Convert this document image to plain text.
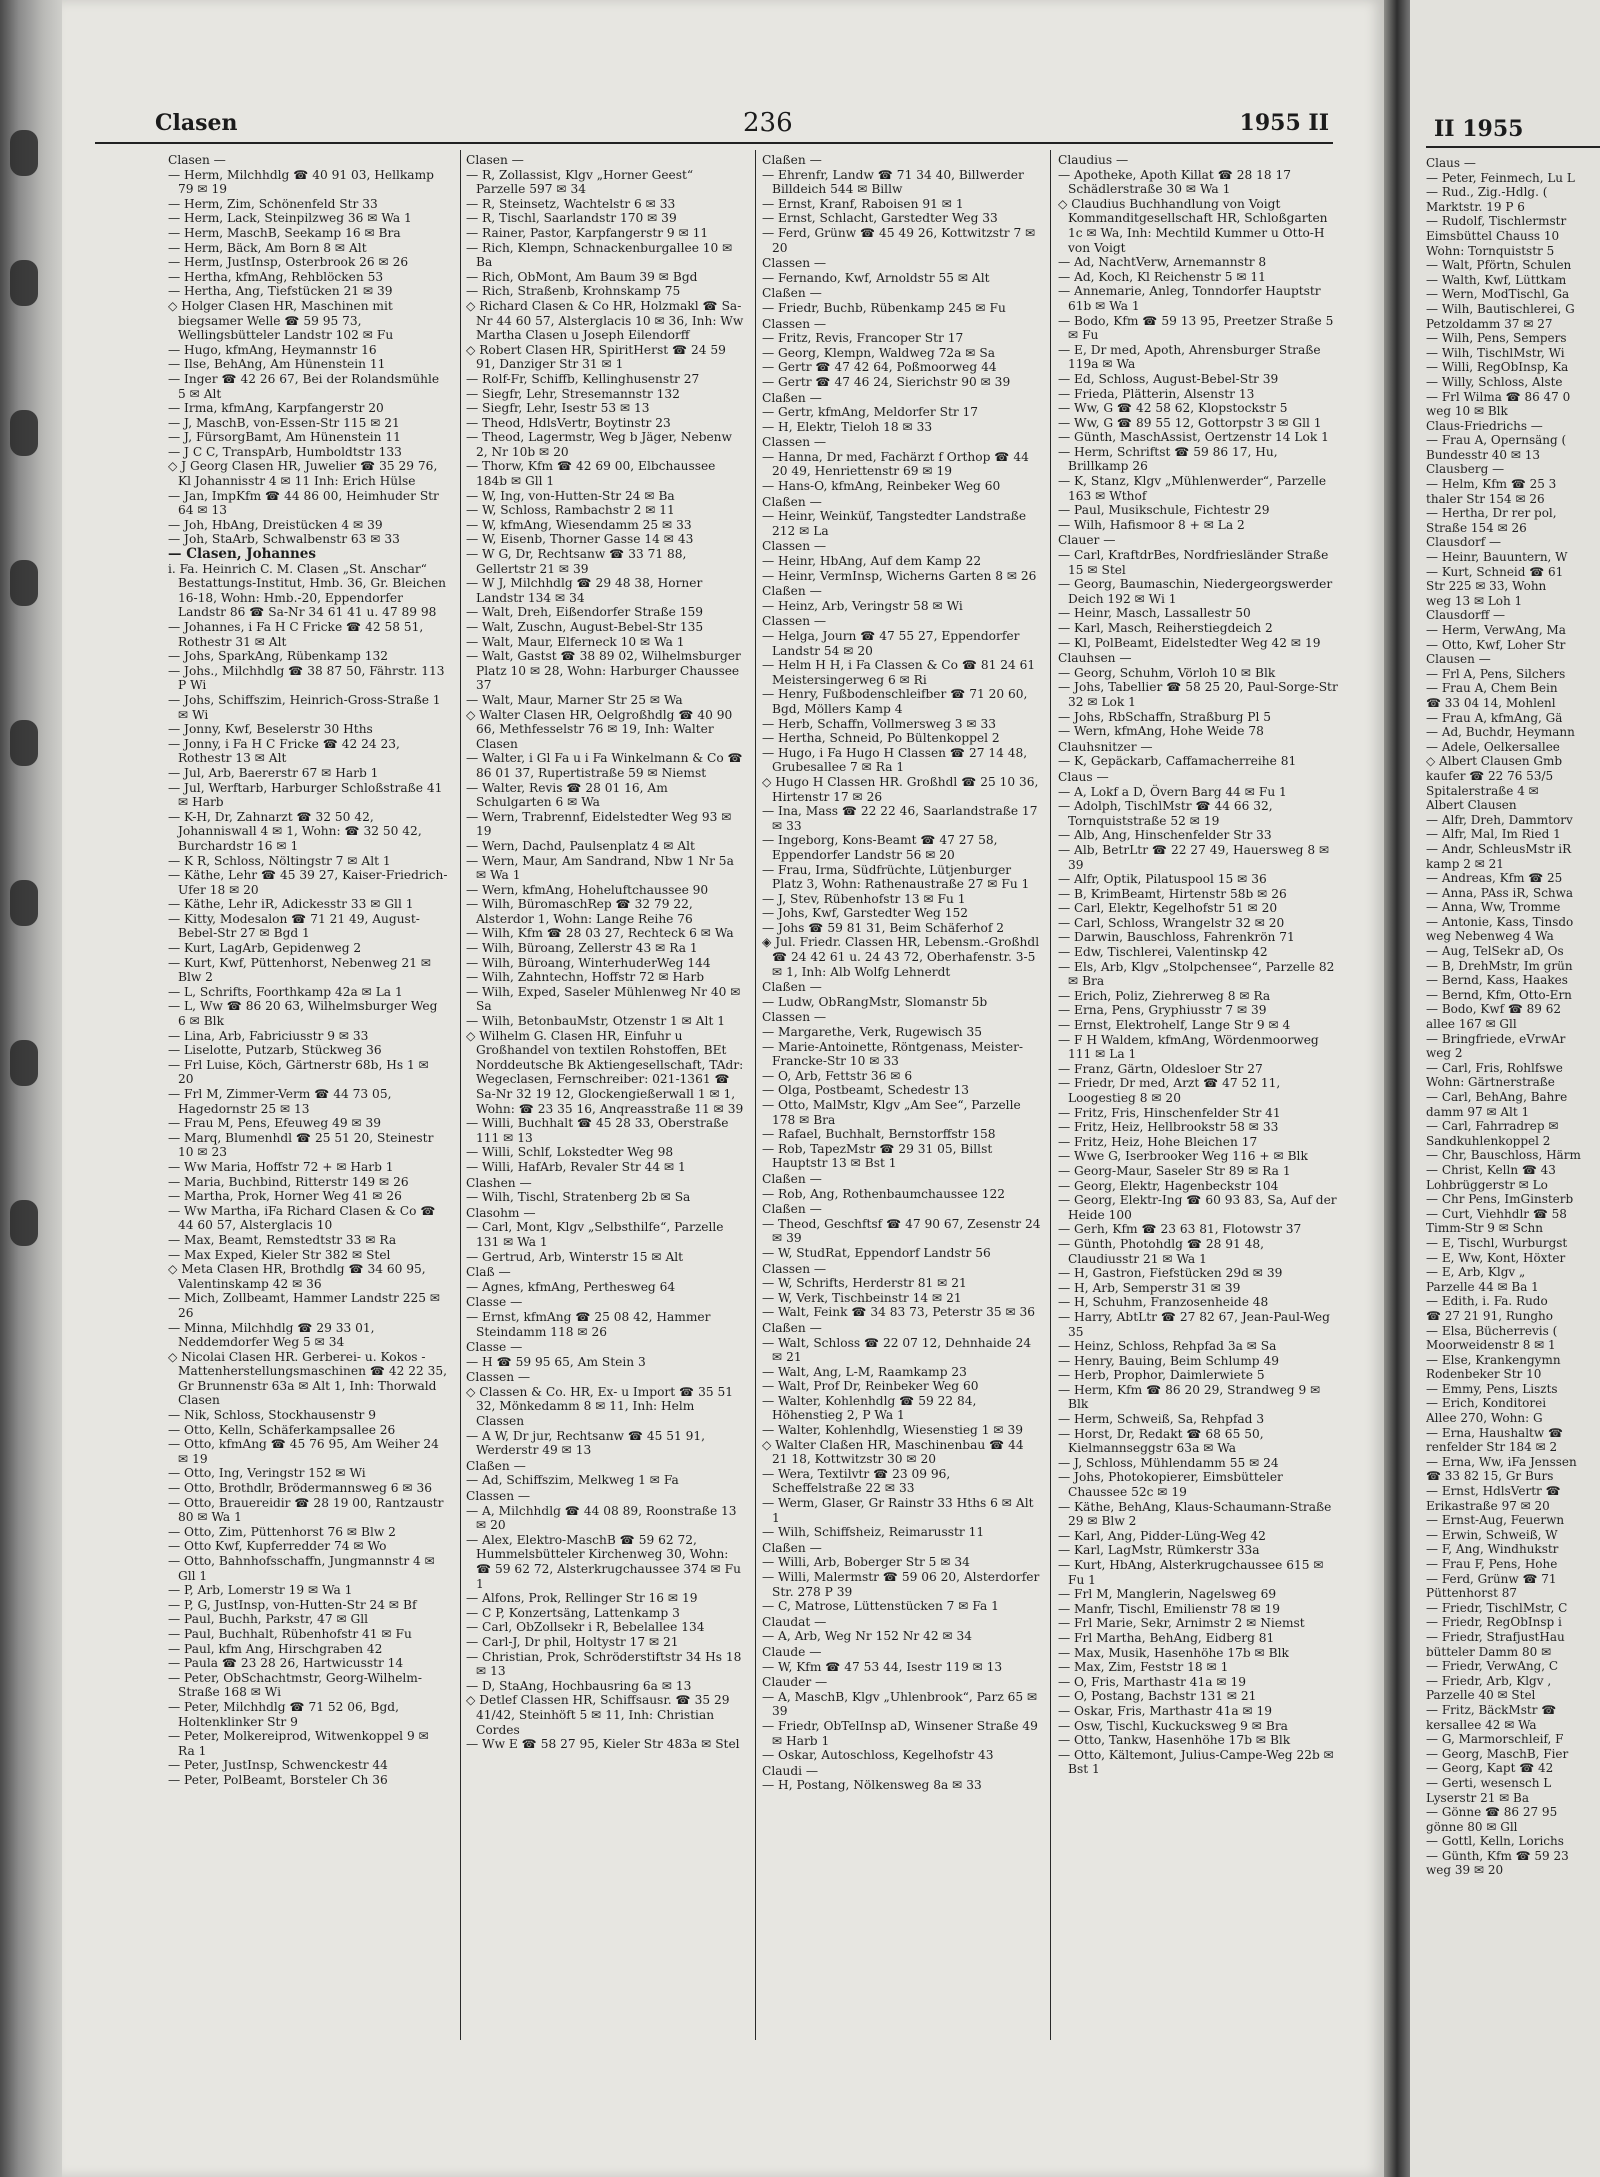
Clasen	236	1955 II
Clasen —
— Herm, Milchhdlg ☎ 40 91 03, Hellkamp 79 ✉ 19
— Herm, Zim, Schönenfeld Str 33
— Herm, Lack, Steinpilzweg 36 ✉ Wa 1
— Herm, MaschB, Seekamp 16 ✉ Bra
— Herm, Bäck, Am Born 8 ✉ Alt
— Herm, JustInsp, Osterbrook 26 ✉ 26
— Hertha, kfmAng, Rehblöcken 53
— Hertha, Ang, Tiefstücken 21 ✉ 39
◇ Holger Clasen HR, Maschinen mit biegsamer Welle ☎ 59 95 73, Wellingsbütteler Landstr 102 ✉ Fu
— Hugo, kfmAng, Heymannstr 16
— Ilse, BehAng, Am Hünenstein 11
— Inger ☎ 42 26 67, Bei der Rolandsmühle 5 ✉ Alt
— Irma, kfmAng, Karpfangerstr 20
— J, MaschB, von-Essen-Str 115 ✉ 21
— J, FürsorgBamt, Am Hünenstein 11
— J C C, TranspArb, Humboldtstr 133
◇ J Georg Clasen HR, Juwelier ☎ 35 29 76, Kl Johannisstr 4 ✉ 11 Inh: Erich Hülse
— Jan, ImpKfm ☎ 44 86 00, Heimhuder Str 64 ✉ 13
— Joh, HbAng, Dreistücken 4 ✉ 39
— Joh, StaArb, Schwalbenstr 63 ✉ 33
— Clasen, Johannes
i. Fa. Heinrich C. M. Clasen „St. Anschar“ Bestattungs-Institut, Hmb. 36, Gr. Bleichen 16-18, Wohn: Hmb.-20, Eppendorfer Landstr 86 ☎ Sa-Nr 34 61 41 u. 47 89 98
— Johannes, i Fa H C Fricke ☎ 42 58 51, Rothestr 31 ✉ Alt
— Johs, SparkAng, Rübenkamp 132
— Johs., Milchhdlg ☎ 38 87 50, Fährstr. 113 P Wi
— Johs, Schiffszim, Heinrich-Gross-Straße 1 ✉ Wi
— Jonny, Kwf, Beselerstr 30 Hths
— Jonny, i Fa H C Fricke ☎ 42 24 23, Rothestr 13 ✉ Alt
— Jul, Arb, Baererstr 67 ✉ Harb 1
— Jul, Werftarb, Harburger Schloßstraße 41 ✉ Harb
— K-H, Dr, Zahnarzt ☎ 32 50 42, Johanniswall 4 ✉ 1, Wohn: ☎ 32 50 42, Burchardstr 16 ✉ 1
— K R, Schloss, Nöltingstr 7 ✉ Alt 1
— Käthe, Lehr ☎ 45 39 27, Kaiser-Friedrich-Ufer 18 ✉ 20
— Käthe, Lehr iR, Adickesstr 33 ✉ Gll 1
— Kitty, Modesalon ☎ 71 21 49, August-Bebel-Str 27 ✉ Bgd 1
— Kurt, LagArb, Gepidenweg 2
— Kurt, Kwf, Püttenhorst, Nebenweg 21 ✉ Blw 2
— L, Schrifts, Foorthkamp 42a ✉ La 1
— L, Ww ☎ 86 20 63, Wilhelmsburger Weg 6 ✉ Blk
— Lina, Arb, Fabriciusstr 9 ✉ 33
— Liselotte, Putzarb, Stückweg 36
— Frl Luise, Köch, Gärtnerstr 68b, Hs 1 ✉ 20
— Frl M, Zimmer-Verm ☎ 44 73 05, Hagedornstr 25 ✉ 13
— Frau M, Pens, Efeuweg 49 ✉ 39
— Marq, Blumenhdl ☎ 25 51 20, Steinestr 10 ✉ 23
— Ww Maria, Hoffstr 72 + ✉ Harb 1
— Maria, Buchbind, Ritterstr 149 ✉ 26
— Martha, Prok, Horner Weg 41 ✉ 26
— Ww Martha, iFa Richard Clasen & Co ☎ 44 60 57, Alsterglacis 10
— Max, Beamt, Remstedtstr 33 ✉ Ra
— Max Exped, Kieler Str 382 ✉ Stel
◇ Meta Clasen HR, Brothdlg ☎ 34 60 95, Valentinskamp 42 ✉ 36
— Mich, Zollbeamt, Hammer Landstr 225 ✉ 26
— Minna, Milchhdlg ☎ 29 33 01, Neddemdorfer Weg 5 ✉ 34
◇ Nicolai Clasen HR. Gerberei- u. Kokos - Mattenherstellungsmaschinen ☎ 42 22 35, Gr Brunnenstr 63a ✉ Alt 1, Inh: Thorwald Clasen
— Nik, Schloss, Stockhausenstr 9
— Otto, Kelln, Schäferkampsallee 26
— Otto, kfmAng ☎ 45 76 95, Am Weiher 24 ✉ 19
— Otto, Ing, Veringstr 152 ✉ Wi
— Otto, Brothdlr, Brödermannsweg 6 ✉ 36
— Otto, Brauereidir ☎ 28 19 00, Rantzaustr 80 ✉ Wa 1
— Otto, Zim, Püttenhorst 76 ✉ Blw 2
— Otto Kwf, Kupferredder 74 ✉ Wo
— Otto, Bahnhofsschaffn, Jungmannstr 4 ✉ Gll 1
— P, Arb, Lomerstr 19 ✉ Wa 1
— P, G, JustInsp, von-Hutten-Str 24 ✉ Bf
— Paul, Buchh, Parkstr, 47 ✉ Gll
— Paul, Buchhalt, Rübenhofstr 41 ✉ Fu
— Paul, kfm Ang, Hirschgraben 42
— Paula ☎ 23 28 26, Hartwicusstr 14
— Peter, ObSchachtmstr, Georg-Wilhelm-Straße 168 ✉ Wi
— Peter, Milchhdlg ☎ 71 52 06, Bgd, Holtenklinker Str 9
— Peter, Molkereiprod, Witwenkoppel 9 ✉ Ra 1
— Peter, JustInsp, Schwenckestr 44
— Peter, PolBeamt, Borsteler Ch 36
Clasen —
— R, Zollassist, Klgv „Horner Geest“ Parzelle 597 ✉ 34
— R, Steinsetz, Wachtelstr 6 ✉ 33
— R, Tischl, Saarlandstr 170 ✉ 39
— Rainer, Pastor, Karpfangerstr 9 ✉ 11
— Rich, Klempn, Schnackenburgallee 10 ✉ Ba
— Rich, ObMont, Am Baum 39 ✉ Bgd
— Rich, Straßenb, Krohnskamp 75
◇ Richard Clasen & Co HR, Holzmakl ☎ Sa-Nr 44 60 57, Alsterglacis 10 ✉ 36, Inh: Ww Martha Clasen u Joseph Eilendorff
◇ Robert Clasen HR, SpiritHerst ☎ 24 59 91, Danziger Str 31 ✉ 1
— Rolf-Fr, Schiffb, Kellinghusenstr 27
— Siegfr, Lehr, Stresemannstr 132
— Siegfr, Lehr, Isestr 53 ✉ 13
— Theod, HdlsVertr, Boytinstr 23
— Theod, Lagermstr, Weg b Jäger, Nebenw 2, Nr 10b ✉ 20
— Thorw, Kfm ☎ 42 69 00, Elbchaussee 184b ✉ Gll 1
— W, Ing, von-Hutten-Str 24 ✉ Ba
— W, Schloss, Rambachstr 2 ✉ 11
— W, kfmAng, Wiesendamm 25 ✉ 33
— W, Eisenb, Thorner Gasse 14 ✉ 43
— W G, Dr, Rechtsanw ☎ 33 71 88, Gellertstr 21 ✉ 39
— W J, Milchhdlg ☎ 29 48 38, Horner Landstr 134 ✉ 34
— Walt, Dreh, Eißendorfer Straße 159
— Walt, Zuschn, August-Bebel-Str 135
— Walt, Maur, Elferneck 10 ✉ Wa 1
— Walt, Gastst ☎ 38 89 02, Wilhelmsburger Platz 10 ✉ 28, Wohn: Harburger Chaussee 37
— Walt, Maur, Marner Str 25 ✉ Wa
◇ Walter Clasen HR, Oelgroßhdlg ☎ 40 90 66, Methfesselstr 76 ✉ 19, Inh: Walter Clasen
— Walter, i Gl Fa u i Fa Winkelmann & Co ☎ 86 01 37, Rupertistraße 59 ✉ Niemst
— Walter, Revis ☎ 28 01 16, Am Schulgarten 6 ✉ Wa
— Wern, Trabrennf, Eidelstedter Weg 93 ✉ 19
— Wern, Dachd, Paulsenplatz 4 ✉ Alt
— Wern, Maur, Am Sandrand, Nbw 1 Nr 5a ✉ Wa 1
— Wern, kfmAng, Hoheluftchaussee 90
— Wilh, BüromaschRep ☎ 32 79 22, Alsterdor 1, Wohn: Lange Reihe 76
— Wilh, Kfm ☎ 28 03 27, Rechteck 6 ✉ Wa
— Wilh, Büroang, Zellerstr 43 ✉ Ra 1
— Wilh, Büroang, WinterhuderWeg 144
— Wilh, Zahntechn, Hoffstr 72 ✉ Harb
— Wilh, Exped, Saseler Mühlenweg Nr 40 ✉ Sa
— Wilh, BetonbauMstr, Otzenstr 1 ✉ Alt 1
◇ Wilhelm G. Clasen HR, Einfuhr u Großhandel von textilen Rohstoffen, BEt Norddeutsche Bk Aktiengesellschaft, TAdr: Wegeclasen, Fernschreiber: 021-1361 ☎ Sa-Nr 32 19 12, Glockengießerwall 1 ✉ 1, Wohn: ☎ 23 35 16, Anqreasstraße 11 ✉ 39
— Willi, Buchhalt ☎ 45 28 33, Oberstraße 111 ✉ 13
— Willi, Schlf, Lokstedter Weg 98
— Willi, HafArb, Revaler Str 44 ✉ 1
Clashen —
— Wilh, Tischl, Stratenberg 2b ✉ Sa
Clasohm —
— Carl, Mont, Klgv „Selbsthilfe“, Parzelle 131 ✉ Wa 1
— Gertrud, Arb, Winterstr 15 ✉ Alt
Claß —
— Agnes, kfmAng, Perthesweg 64
Classe —
— Ernst, kfmAng ☎ 25 08 42, Hammer Steindamm 118 ✉ 26
Classe —
— H ☎ 59 95 65, Am Stein 3
Classen —
◇ Classen & Co. HR, Ex- u Import ☎ 35 51 32, Mönkedamm 8 ✉ 11, Inh: Helm Classen
— A W, Dr jur, Rechtsanw ☎ 45 51 91, Werderstr 49 ✉ 13
Claßen —
— Ad, Schiffszim, Melkweg 1 ✉ Fa
Classen —
— A, Milchhdlg ☎ 44 08 89, Roonstraße 13 ✉ 20
— Alex, Elektro-MaschB ☎ 59 62 72, Hummelsbütteler Kirchenweg 30, Wohn: ☎ 59 62 72, Alsterkrugchaussee 374 ✉ Fu 1
— Alfons, Prok, Rellinger Str 16 ✉ 19
— C P, Konzertsäng, Lattenkamp 3
— Carl, ObZollsekr i R, Bebelallee 134
— Carl-J, Dr phil, Holtystr 17 ✉ 21
— Christian, Prok, Schröderstiftstr 34 Hs 18 ✉ 13
— D, StaAng, Hochbausring 6a ✉ 13
◇ Detlef Classen HR, Schiffsausr. ☎ 35 29 41/42, Steinhöft 5 ✉ 11, Inh: Christian Cordes
— Ww E ☎ 58 27 95, Kieler Str 483a ✉ Stel
Claßen —
— Ehrenfr, Landw ☎ 71 34 40, Billwerder Billdeich 544 ✉ Billw
— Ernst, Kranf, Raboisen 91 ✉ 1
— Ernst, Schlacht, Garstedter Weg 33
— Ferd, Grünw ☎ 45 49 26, Kottwitzstr 7 ✉ 20
Classen —
— Fernando, Kwf, Arnoldstr 55 ✉ Alt
Claßen —
— Friedr, Buchb, Rübenkamp 245 ✉ Fu
Classen —
— Fritz, Revis, Francoper Str 17
— Georg, Klempn, Waldweg 72a ✉ Sa
— Gertr ☎ 47 42 64, Poßmoorweg 44
— Gertr ☎ 47 46 24, Sierichstr 90 ✉ 39
Claßen —
— Gertr, kfmAng, Meldorfer Str 17
— H, Elektr, Tieloh 18 ✉ 33
Classen —
— Hanna, Dr med, Fachärzt f Orthop ☎ 44 20 49, Henriettenstr 69 ✉ 19
— Hans-O, kfmAng, Reinbeker Weg 60
Claßen —
— Heinr, Weinküf, Tangstedter Landstraße 212 ✉ La
Classen —
— Heinr, HbAng, Auf dem Kamp 22
— Heinr, VermInsp, Wicherns Garten 8 ✉ 26
Claßen —
— Heinz, Arb, Veringstr 58 ✉ Wi
Classen —
— Helga, Journ ☎ 47 55 27, Eppendorfer Landstr 54 ✉ 20
— Helm H H, i Fa Classen & Co ☎ 81 24 61 Meistersingerweg 6 ✉ Ri
— Henry, Fußbodenschleifber ☎ 71 20 60, Bgd, Möllers Kamp 4
— Herb, Schaffn, Vollmersweg 3 ✉ 33
— Hertha, Schneid, Po Bültenkoppel 2
— Hugo, i Fa Hugo H Classen ☎ 27 14 48, Grubesallee 7 ✉ Ra 1
◇ Hugo H Classen HR. Großhdl ☎ 25 10 36, Hirtenstr 17 ✉ 26
— Ina, Mass ☎ 22 22 46, Saarlandstraße 17 ✉ 33
— Ingeborg, Kons-Beamt ☎ 47 27 58, Eppendorfer Landstr 56 ✉ 20
— Frau, Irma, Südfrüchte, Lütjenburger Platz 3, Wohn: Rathenaustraße 27 ✉ Fu 1
— J, Stev, Rübenhofstr 13 ✉ Fu 1
— Johs, Kwf, Garstedter Weg 152
— Johs ☎ 59 81 31, Beim Schäferhof 2
◈ Jul. Friedr. Classen HR, Lebensm.-Großhdl ☎ 24 42 61 u. 24 43 72, Oberhafenstr. 3-5 ✉ 1, Inh: Alb Wolfg Lehnerdt
Claßen —
— Ludw, ObRangMstr, Slomanstr 5b
Classen —
— Margarethe, Verk, Rugewisch 35
— Marie-Antoinette, Röntgenass, Meister-Francke-Str 10 ✉ 33
— O, Arb, Fettstr 36 ✉ 6
— Olga, Postbeamt, Schedestr 13
— Otto, MalMstr, Klgv „Am See“, Parzelle 178 ✉ Bra
— Rafael, Buchhalt, Bernstorffstr 158
— Rob, TapezMstr ☎ 29 31 05, Billst Hauptstr 13 ✉ Bst 1
Claßen —
— Rob, Ang, Rothenbaumchaussee 122
Claßen —
— Theod, Geschftsf ☎ 47 90 67, Zesenstr 24 ✉ 39
— W, StudRat, Eppendorf Landstr 56
Classen —
— W, Schrifts, Herderstr 81 ✉ 21
— W, Verk, Tischbeinstr 14 ✉ 21
— Walt, Feink ☎ 34 83 73, Peterstr 35 ✉ 36
Claßen —
— Walt, Schloss ☎ 22 07 12, Dehnhaide 24 ✉ 21
— Walt, Ang, L-M, Raamkamp 23
— Walt, Prof Dr, Reinbeker Weg 60
— Walter, Kohlenhdlg ☎ 59 22 84, Höhenstieg 2, P Wa 1
— Walter, Kohlenhdlg, Wiesenstieg 1 ✉ 39
◇ Walter Claßen HR, Maschinenbau ☎ 44 21 18, Kottwitzstr 30 ✉ 20
— Wera, Textilvtr ☎ 23 09 96, Scheffelstraße 22 ✉ 33
— Werm, Glaser, Gr Rainstr 33 Hths 6 ✉ Alt 1
— Wilh, Schiffsheiz, Reimarusstr 11
Claßen —
— Willi, Arb, Boberger Str 5 ✉ 34
— Willi, Malermstr ☎ 59 06 20, Alsterdorfer Str. 278 P 39
— C, Matrose, Lüttenstücken 7 ✉ Fa 1
Claudat —
— A, Arb, Weg Nr 152 Nr 42 ✉ 34
Claude —
— W, Kfm ☎ 47 53 44, Isestr 119 ✉ 13
Clauder —
— A, MaschB, Klgv „Uhlenbrook“, Parz 65 ✉ 39
— Friedr, ObTelInsp aD, Winsener Straße 49 ✉ Harb 1
— Oskar, Autoschloss, Kegelhofstr 43
Claudi —
— H, Postang, Nölkensweg 8a ✉ 33
Claudius —
— Apotheke, Apoth Killat ☎ 28 18 17 Schädlerstraße 30 ✉ Wa 1
◇ Claudius Buchhandlung von Voigt Kommanditgesellschaft HR, Schloßgarten 1c ✉ Wa, Inh: Mechtild Kummer u Otto-H von Voigt
— Ad, NachtVerw, Arnemannstr 8
— Ad, Koch, Kl Reichenstr 5 ✉ 11
— Annemarie, Anleg, Tonndorfer Hauptstr 61b ✉ Wa 1
— Bodo, Kfm ☎ 59 13 95, Preetzer Straße 5 ✉ Fu
— E, Dr med, Apoth, Ahrensburger Straße 119a ✉ Wa
— Ed, Schloss, August-Bebel-Str 39
— Frieda, Plätterin, Alsenstr 13
— Ww, G ☎ 42 58 62, Klopstockstr 5
— Ww, G ☎ 89 55 12, Gottorpstr 3 ✉ Gll 1
— Günth, MaschAssist, Oertzenstr 14 Lok 1
— Herm, Schriftst ☎ 59 86 17, Hu, Brillkamp 26
— K, Stanz, Klgv „Mühlenwerder“, Parzelle 163 ✉ Wthof
— Paul, Musikschule, Fichtestr 29
— Wilh, Hafismoor 8 + ✉ La 2
Clauer —
— Carl, KraftdrBes, Nordfriesländer Straße 15 ✉ Stel
— Georg, Baumaschin, Niedergeorgswerder Deich 192 ✉ Wi 1
— Heinr, Masch, Lassallestr 50
— Karl, Masch, Reiherstiegdeich 2
— Kl, PolBeamt, Eidelstedter Weg 42 ✉ 19
Clauhsen —
— Georg, Schuhm, Vörloh 10 ✉ Blk
— Johs, Tabellier ☎ 58 25 20, Paul-Sorge-Str 32 ✉ Lok 1
— Johs, RbSchaffn, Straßburg Pl 5
— Wern, kfmAng, Hohe Weide 78
Clauhsnitzer —
— K, Gepäckarb, Caffamacherreihe 81
Claus —
— A, Lokf a D, Övern Barg 44 ✉ Fu 1
— Adolph, TischlMstr ☎ 44 66 32, Tornquiststraße 52 ✉ 19
— Alb, Ang, Hinschenfelder Str 33
— Alb, BetrLtr ☎ 22 27 49, Hauersweg 8 ✉ 39
— Alfr, Optik, Pilatuspool 15 ✉ 36
— B, KrimBeamt, Hirtenstr 58b ✉ 26
— Carl, Elektr, Kegelhofstr 51 ✉ 20
— Carl, Schloss, Wrangelstr 32 ✉ 20
— Darwin, Bauschloss, Fahrenkrön 71
— Edw, Tischlerei, Valentinskp 42
— Els, Arb, Klgv „Stolpchensee“, Parzelle 82 ✉ Bra
— Erich, Poliz, Ziehrerweg 8 ✉ Ra
— Erna, Pens, Gryphiusstr 7 ✉ 39
— Ernst, Elektrohelf, Lange Str 9 ✉ 4
— F H Waldem, kfmAng, Wördenmoorweg 111 ✉ La 1
— Franz, Gärtn, Oldesloer Str 27
— Friedr, Dr med, Arzt ☎ 47 52 11, Loogestieg 8 ✉ 20
— Fritz, Fris, Hinschenfelder Str 41
— Fritz, Heiz, Hellbrookstr 58 ✉ 33
— Fritz, Heiz, Hohe Bleichen 17
— Wwe G, Iserbrooker Weg 116 + ✉ Blk
— Georg-Maur, Saseler Str 89 ✉ Ra 1
— Georg, Elektr, Hagenbeckstr 104
— Georg, Elektr-Ing ☎ 60 93 83, Sa, Auf der Heide 100
— Gerh, Kfm ☎ 23 63 81, Flotowstr 37
— Günth, Photohdlg ☎ 28 91 48, Claudiusstr 21 ✉ Wa 1
— H, Gastron, Fiefstücken 29d ✉ 39
— H, Arb, Semperstr 31 ✉ 39
— H, Schuhm, Franzosenheide 48
— Harry, AbtLtr ☎ 27 82 67, Jean-Paul-Weg 35
— Heinz, Schloss, Rehpfad 3a ✉ Sa
— Henry, Bauing, Beim Schlump 49
— Herb, Prophor, Daimlerwiete 5
— Herm, Kfm ☎ 86 20 29, Strandweg 9 ✉ Blk
— Herm, Schweiß, Sa, Rehpfad 3
— Horst, Dr, Redakt ☎ 68 65 50, Kielmannseggstr 63a ✉ Wa
— J, Schloss, Mühlendamm 55 ✉ 24
— Johs, Photokopierer, Eimsbütteler Chaussee 52c ✉ 19
— Käthe, BehAng, Klaus-Schaumann-Straße 29 ✉ Blw 2
— Karl, Ang, Pidder-Lüng-Weg 42
— Karl, LagMstr, Rümkerstr 33a
— Kurt, HbAng, Alsterkrugchaussee 615 ✉ Fu 1
— Frl M, Manglerin, Nagelsweg 69
— Manfr, Tischl, Emilienstr 78 ✉ 19
— Frl Marie, Sekr, Arnimstr 2 ✉ Niemst
— Frl Martha, BehAng, Eidberg 81
— Max, Musik, Hasenhöhe 17b ✉ Blk
— Max, Zim, Feststr 18 ✉ 1
— O, Fris, Marthastr 41a ✉ 19
— O, Postang, Bachstr 131 ✉ 21
— Oskar, Fris, Marthastr 41a ✉ 19
— Osw, Tischl, Kuckucksweg 9 ✉ Bra
— Otto, Tankw, Hasenhöhe 17b ✉ Blk
— Otto, Kältemont, Julius-Campe-Weg 22b ✉ Bst 1
II 1955
Claus —
— Peter, Feinmech, Lu L
— Rud., Zig.-Hdlg. (
Marktstr. 19 P 6
— Rudolf, Tischlermstr
Eimsbüttel Chauss 10
Wohn: Tornquiststr 5
— Walt, Pförtn, Schulen
— Walth, Kwf, Lüttkam
— Wern, ModTischl, Ga
— Wilh, Bautischlerei, G
Petzoldamm 37 ✉ 27
— Wilh, Pens, Sempers
— Wilh, TischlMstr, Wi
— Willi, RegObInsp, Ka
— Willy, Schloss, Alste
— Frl Wilma ☎ 86 47 0
weg 10 ✉ Blk
Claus-Friedrichs —
— Frau A, Opernsäng (
Bundesstr 40 ✉ 13
Clausberg —
— Helm, Kfm ☎ 25 3
thaler Str 154 ✉ 26
— Hertha, Dr rer pol,
Straße 154 ✉ 26
Clausdorf —
— Heinr, Bauuntern, W
— Kurt, Schneid ☎ 61
Str 225 ✉ 33, Wohn
weg 13 ✉ Loh 1
Clausdorff —
— Herm, VerwAng, Ma
— Otto, Kwf, Loher Str
Clausen —
— Frl A, Pens, Silchers
— Frau A, Chem Bein
☎ 33 04 14, Mohlenl
— Frau A, kfmAng, Gä
— Ad, Buchdr, Heymann
— Adele, Oelkersallee
◇ Albert Clausen Gmb
kaufer ☎ 22 76 53/5
Spitalerstraße 4 ✉
Albert Clausen
— Alfr, Dreh, Dammtorv
— Alfr, Mal, Im Ried 1
— Andr, SchleusMstr iR
kamp 2 ✉ 21
— Andreas, Kfm ☎ 25
— Anna, PAss iR, Schwa
— Anna, Ww, Tromme
— Antonie, Kass, Tinsdo
weg Nebenweg 4 Wa
— Aug, TelSekr aD, Os
— B, DrehMstr, Im grün
— Bernd, Kass, Haakes
— Bernd, Kfm, Otto-Ern
— Bodo, Kwf ☎ 89 62
allee 167 ✉ Gll
— Bringfriede, eVrwAr
weg 2
— Carl, Fris, Rohlfswe
Wohn: Gärtnerstraße
— Carl, BehAng, Bahre
damm 97 ✉ Alt 1
— Carl, Fahrradrep ✉
Sandkuhlenkoppel 2
— Chr, Bauschloss, Härm
— Christ, Kelln ☎ 43
Lohbrüggerstr ✉ Lo
— Chr Pens, ImGinsterb
— Curt, Viehhdlr ☎ 58
Timm-Str 9 ✉ Schn
— E, Tischl, Wurburgst
— E, Ww, Kont, Höxter
— E, Arb, Klgv „
Parzelle 44 ✉ Ba 1
— Edith, i. Fa. Rudo
☎ 27 21 91, Rungho
— Elsa, Bücherrevis (
Moorweidenstr 8 ✉ 1
— Else, Krankengymn
Rodenbeker Str 10
— Emmy, Pens, Liszts
— Erich, Konditorei
Allee 270, Wohn: G
— Erna, Haushaltw ☎
renfelder Str 184 ✉ 2
— Erna, Ww, iFa Jenssen
☎ 33 82 15, Gr Burs
— Ernst, HdlsVertr ☎
Erikastraße 97 ✉ 20
— Ernst-Aug, Feuerwn
— Erwin, Schweiß, W
— F, Ang, Windhukstr
— Frau F, Pens, Hohe
— Ferd, Grünw ☎ 71
Püttenhorst 87
— Friedr, TischlMstr, C
— Friedr, RegObInsp i
— Friedr, StrafjustHau
bütteler Damm 80 ✉
— Friedr, VerwAng, C
— Friedr, Arb, Klgv ,
Parzelle 40 ✉ Stel
— Fritz, BäckMstr ☎
kersallee 42 ✉ Wa
— G, Marmorschleif, F
— Georg, MaschB, Fier
— Georg, Kapt ☎ 42
— Gerti, wesensch L
Lyserstr 21 ✉ Ba
— Gönne ☎ 86 27 95
gönne 80 ✉ Gll
— Gottl, Kelln, Lorichs
— Günth, Kfm ☎ 59 23
weg 39 ✉ 20
